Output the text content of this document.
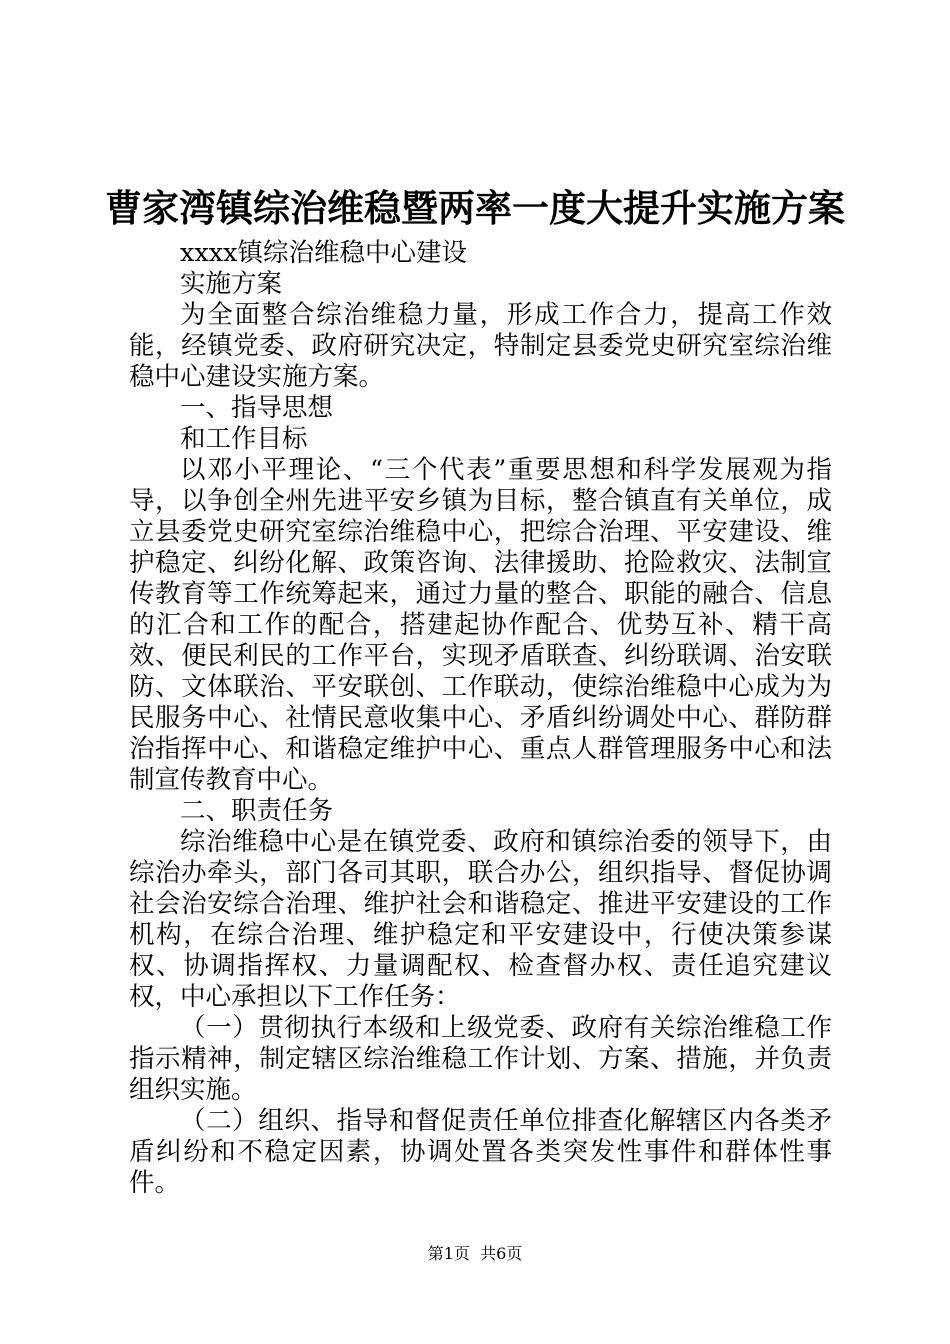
曹家湾镇综治维稳暨两率一度大提升实施方案

xxxx镇综治维稳中心建设

实施方案

为全面整合综治维稳力量，形成工作合力，提高工作效能，经镇党委、政府研究决定，特制定县委党史研究室综治维稳中心建设实施方案。

一、指导思想

和工作目标

以邓小平理论、“三个代表”重要思想和科学发展观为指导，以争创全州先进平安乡镇为目标，整合镇直有关单位，成立县委党史研究室综治维稳中心，把综合治理、平安建设、维护稳定、纠纷化解、政策咨询、法律援助、抢险救灾、法制宣传教育等工作统筹起来，通过力量的整合、职能的融合、信息的汇合和工作的配合，搭建起协作配合、优势互补、精干高效、便民利民的工作平台，实现矛盾联查、纠纷联调、治安联防、文体联治、平安联创、工作联动，使综治维稳中心成为为民服务中心、社情民意收集中心、矛盾纠纷调处中心、群防群治指挥中心、和谐稳定维护中心、重点人群管理服务中心和法制宣传教育中心。

二、职责任务

综治维稳中心是在镇党委、政府和镇综治委的领导下，由综治办牵头，部门各司其职，联合办公，组织指导、督促协调社会治安综合治理、维护社会和谐稳定、推进平安建设的工作机构，在综合治理、维护稳定和平安建设中，行使决策参谋权、协调指挥权、力量调配权、检查督办权、责任追究建议权，中心承担以下工作任务：

（一）贯彻执行本级和上级党委、政府有关综治维稳工作指示精神，制定辖区综治维稳工作计划、方案、措施，并负责组织实施。

（二）组织、指导和督促责任单位排查化解辖区内各类矛盾纠纷和不稳定因素，协调处置各类突发性事件和群体性事件。

第1页 共6页
